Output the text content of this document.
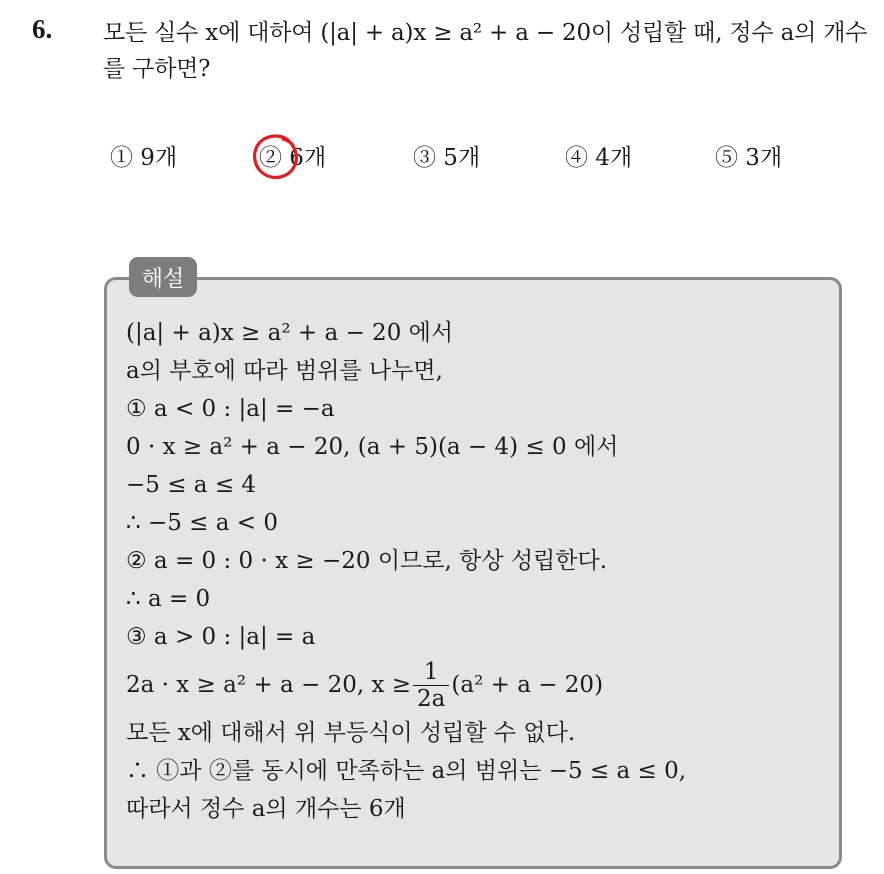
6. 모든 실수 x에 대하여 (|a| + a)x ≥ a² + a − 20이 성립할 때, 정수 a의 개수를 구하면?
① 9개	② 6개	③ 5개	④ 4개	⑤ 3개
해설
(|a| + a)x ≥ a² + a − 20 에서
a의 부호에 따라 범위를 나누면,
① a < 0 : |a| = −a
0 · x ≥ a² + a − 20, (a + 5)(a − 4) ≤ 0 에서
−5 ≤ a ≤ 4
∴ −5 ≤ a < 0
② a = 0 : 0 · x ≥ −20 이므로, 항상 성립한다.
∴ a = 0
③ a > 0 : |a| = a
2a · x ≥ a² + a − 20, $x \ge \frac{1}{2a} (a^2 + a - 20)$
모든 x에 대해서 위 부등식이 성립할 수 없다.
∴ ①과 ②를 동시에 만족하는 a의 범위는 −5 ≤ a ≤ 0,
따라서 정수 a의 개수는 6개
